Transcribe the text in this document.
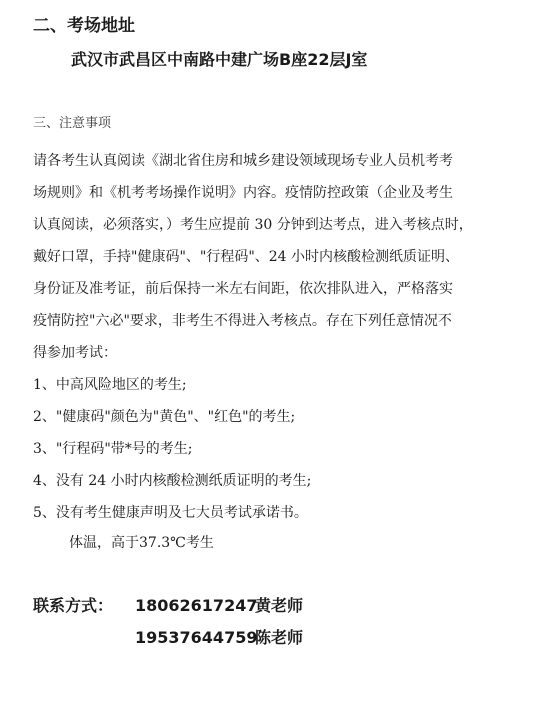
二、考场地址
武汉市武昌区中南路中建广场B座22层J室
三、注意事项
请各考生认真阅读《湖北省住房和城乡建设领域现场专业人员机考考
场规则》和《机考考场操作说明》内容。疫情防控政策（企业及考生
认真阅读，必须落实，）考生应提前 30 分钟到达考点，进入考核点时，
戴好口罩，手持"健康码"、"行程码"、24 小时内核酸检测纸质证明、
身份证及准考证，前后保持一米左右间距，依次排队进入，严格落实
疫情防控"六必"要求，非考生不得进入考核点。存在下列任意情况不
得参加考试：
1、中高风险地区的考生;
2、"健康码"颜色为"黄色"、"红色"的考生;
3、"行程码"带*号的考生;
4、没有 24 小时内核酸检测纸质证明的考生;
5、没有考生健康声明及七大员考试承诺书。
体温，高于37.3℃考生
联系方式： 18062617247黄老师
19537644759陈老师
